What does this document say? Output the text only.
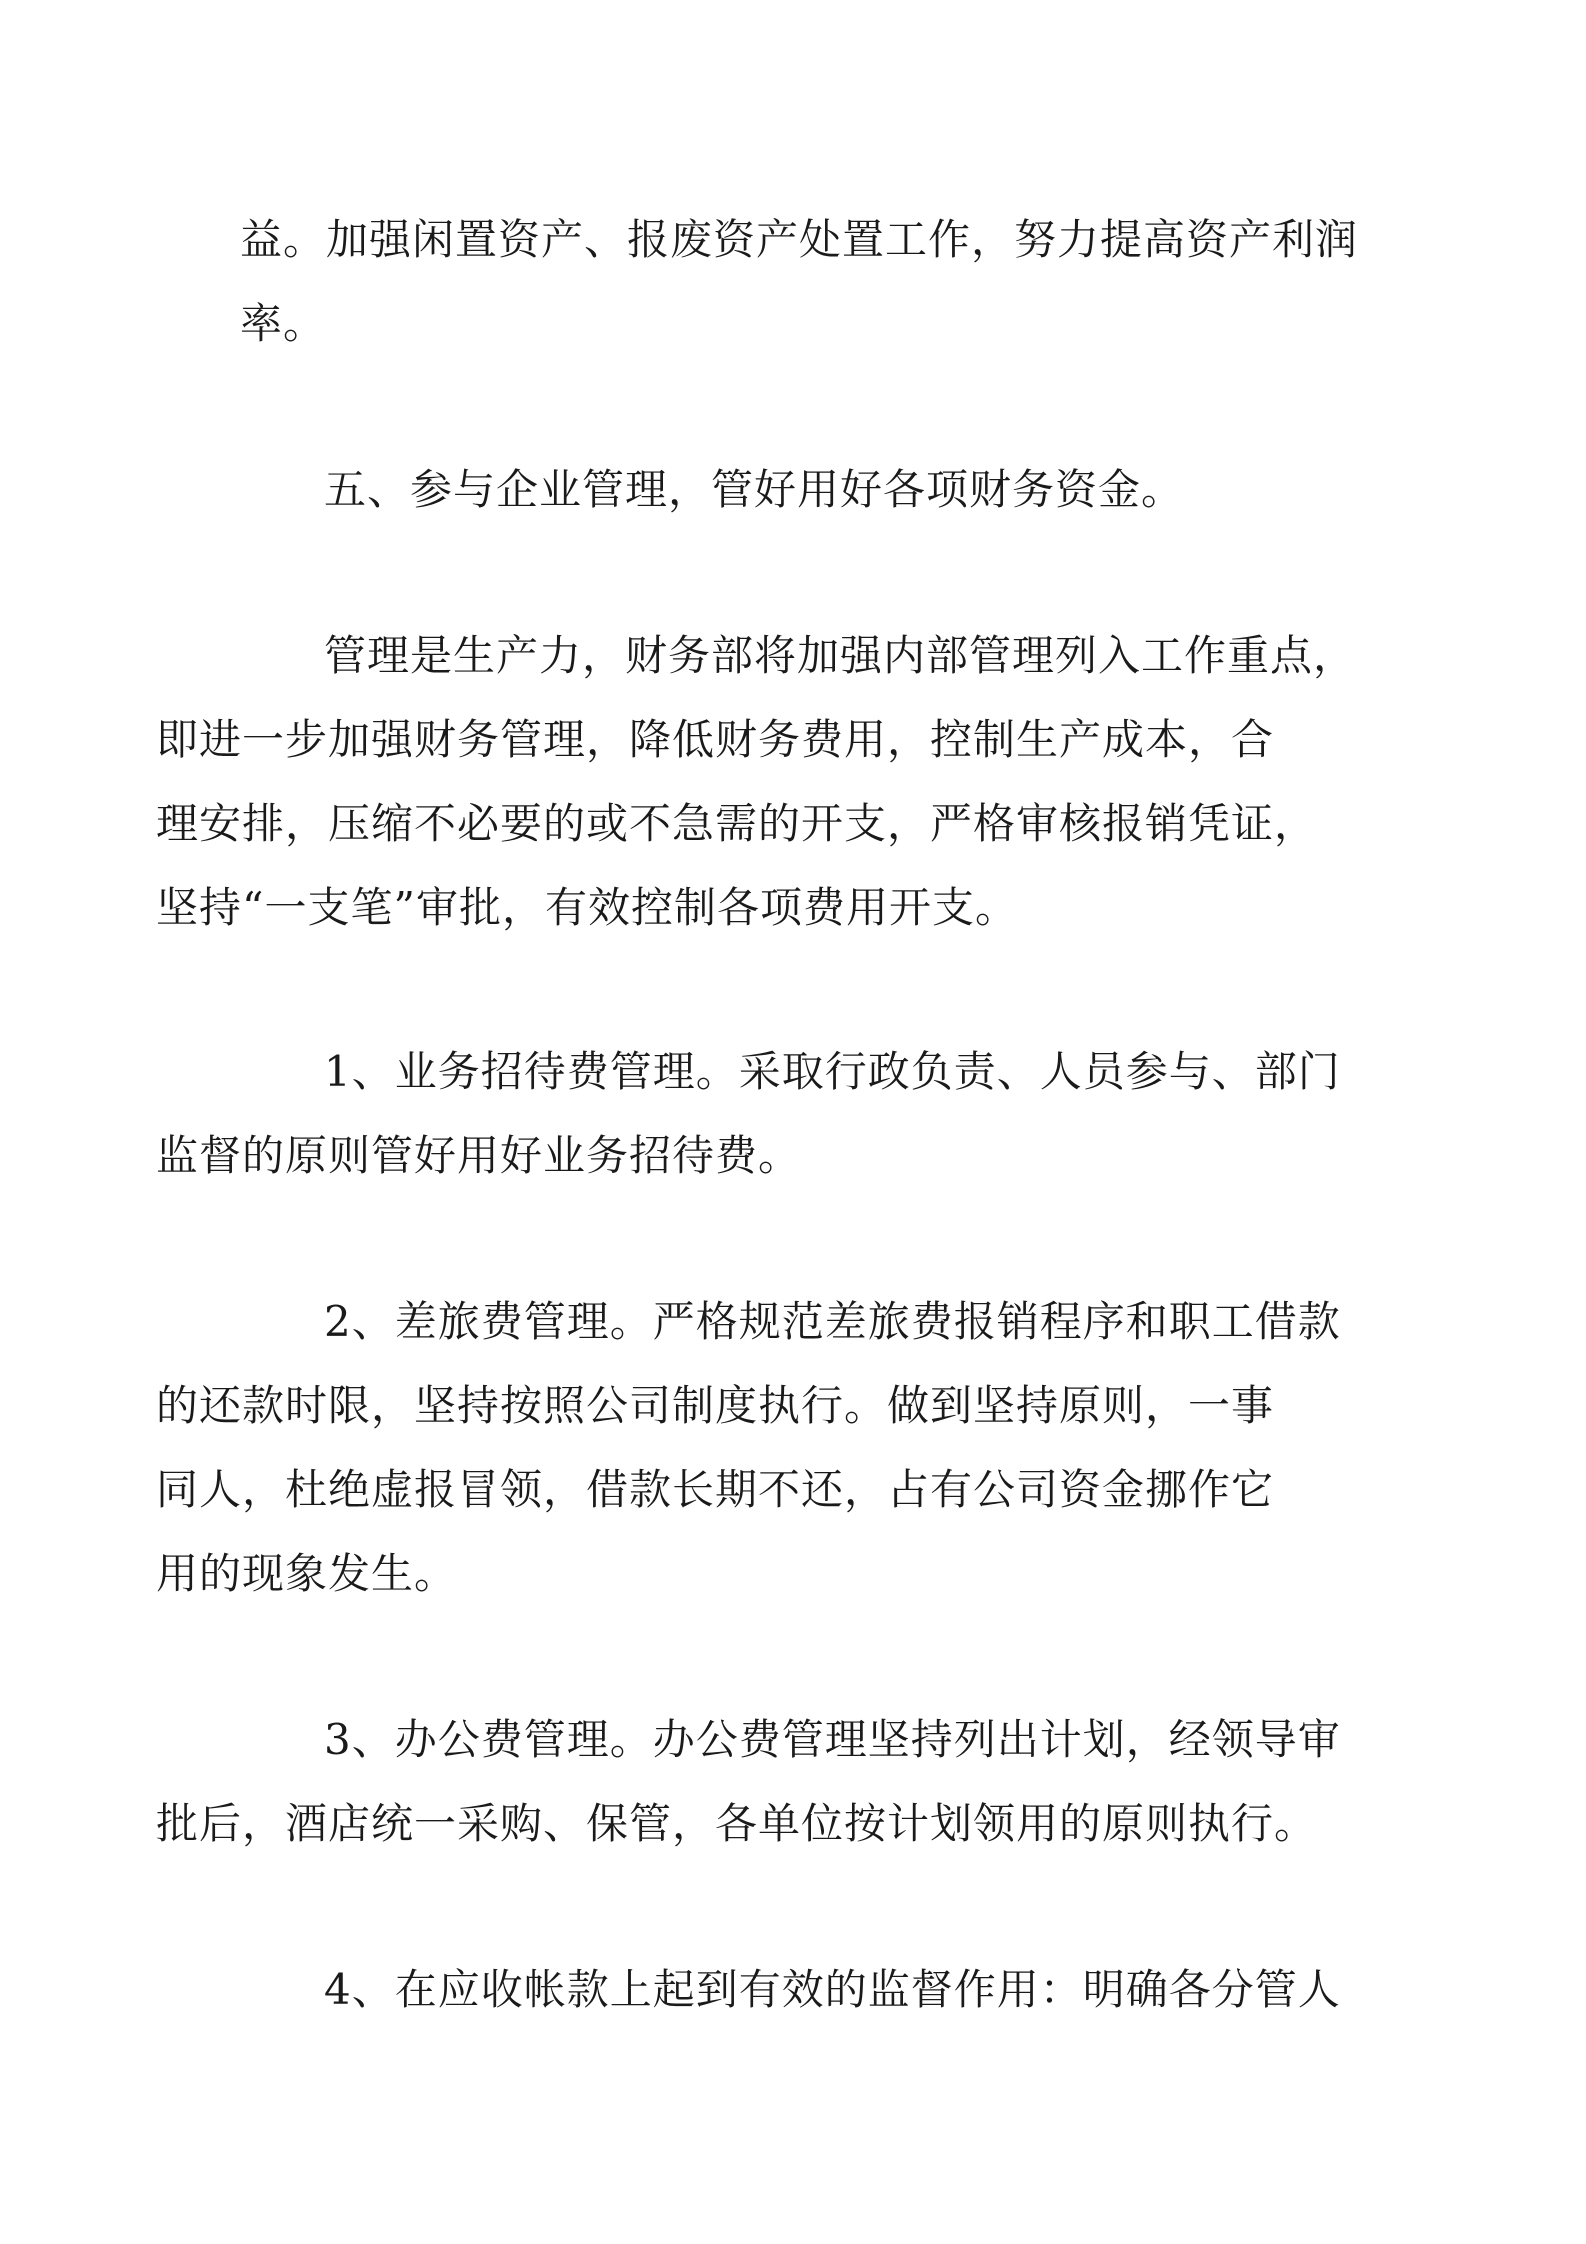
益。加强闲置资产、报废资产处置工作，努力提高资产利润
率。

五、参与企业管理，管好用好各项财务资金。

管理是生产力，财务部将加强内部管理列入工作重点，
即进一步加强财务管理，降低财务费用，控制生产成本，合
理安排，压缩不必要的或不急需的开支，严格审核报销凭证，
坚持“一支笔”审批，有效控制各项费用开支。

1、业务招待费管理。采取行政负责、人员参与、部门
监督的原则管好用好业务招待费。

2、差旅费管理。严格规范差旅费报销程序和职工借款
的还款时限，坚持按照公司制度执行。做到坚持原则，一事
同人，杜绝虚报冒领，借款长期不还，占有公司资金挪作它
用的现象发生。

3、办公费管理。办公费管理坚持列出计划，经领导审
批后，酒店统一采购、保管，各单位按计划领用的原则执行。

4、在应收帐款上起到有效的监督作用：明确各分管人
